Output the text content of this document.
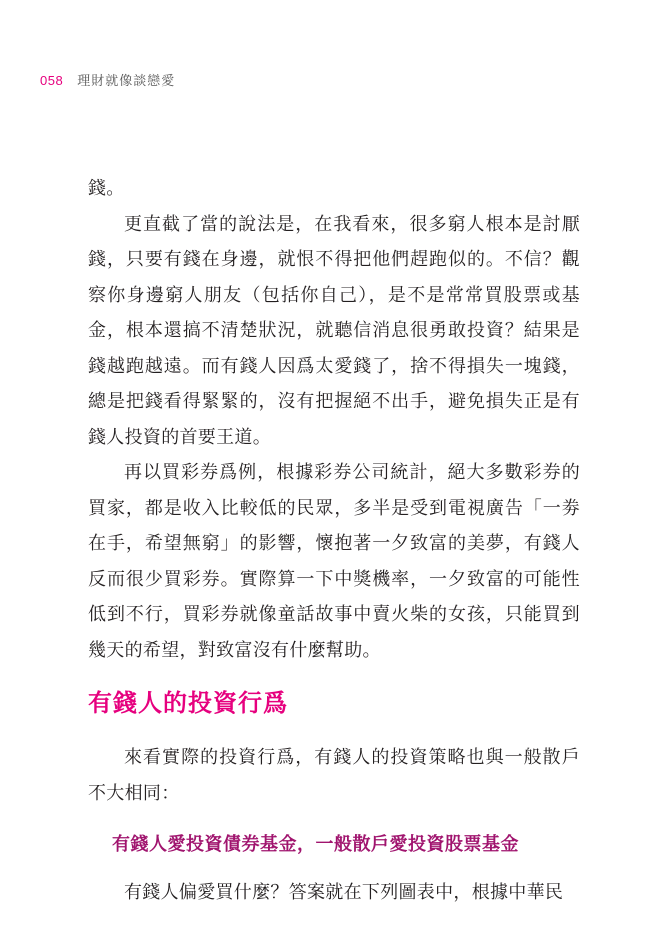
058 理財就像談戀愛

錢。

更直截了當的說法是，在我看來，很多窮人根本是討厭錢，只要有錢在身邊，就恨不得把他們趕跑似的。不信？觀察你身邊窮人朋友（包括你自己），是不是常常買股票或基金，根本還搞不清楚狀況，就聽信消息很勇敢投資？結果是錢越跑越遠。而有錢人因爲太愛錢了，捨不得損失一塊錢，總是把錢看得緊緊的，沒有把握絕不出手，避免損失正是有錢人投資的首要王道。

再以買彩券爲例，根據彩券公司統計，絕大多數彩券的買家，都是收入比較低的民眾，多半是受到電視廣告「一劵在手，希望無窮」的影響，懷抱著一夕致富的美夢，有錢人反而很少買彩券。實際算一下中獎機率，一夕致富的可能性低到不行，買彩券就像童話故事中賣火柴的女孩，只能買到幾天的希望，對致富沒有什麼幫助。

有錢人的投資行爲

來看實際的投資行爲，有錢人的投資策略也與一般散戶不大相同：

有錢人愛投資債券基金，一般散戶愛投資股票基金

有錢人偏愛買什麼？答案就在下列圖表中，根據中華民
